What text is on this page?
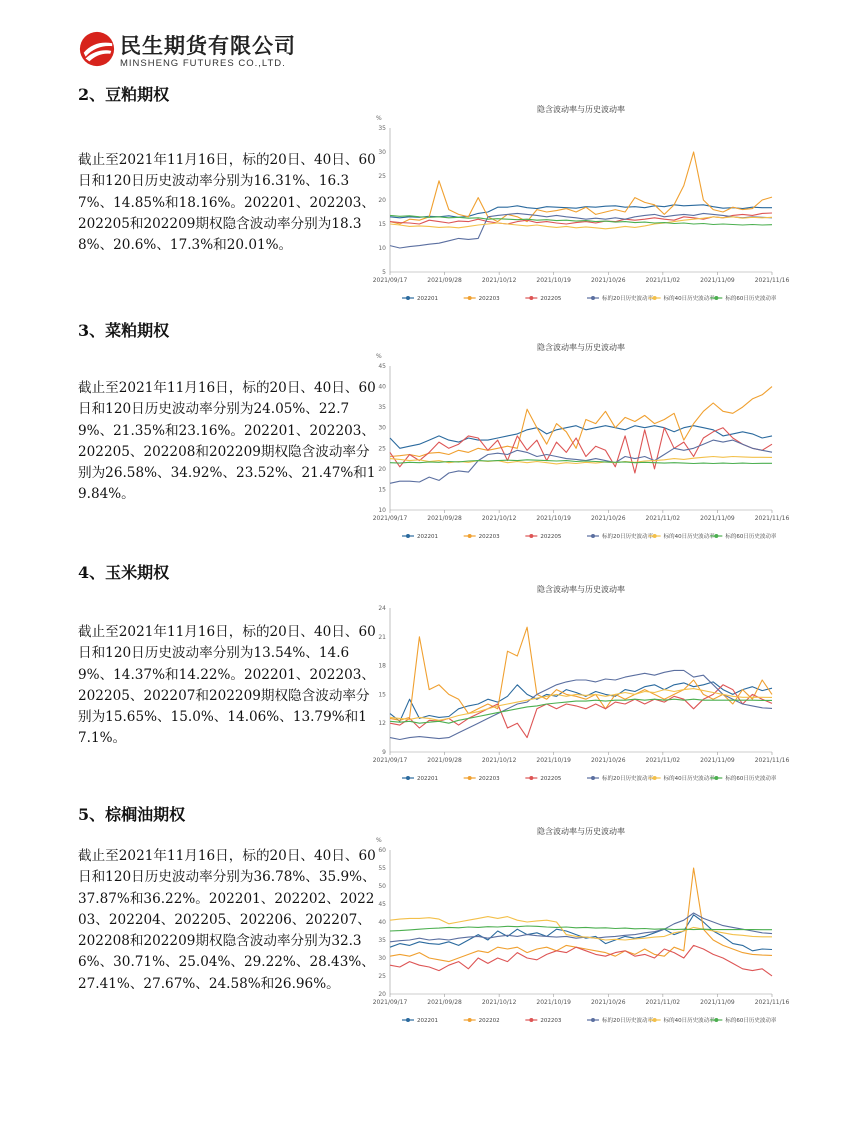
民生期货有限公司
MINSHENG FUTURES CO.,LTD.
2、豆粕期权
截止至2021年11月16日，标的20日、40日、60日和120日历史波动率分别为16.31%、16.37%、14.85%和18.16%。202201、202203、202205和202209期权隐含波动率分别为18.38%、20.6%、17.3%和20.01%。
隐含波动率与历史波动率
%
5
10
15
20
25
30
35
2021/09/17	2021/09/28	2021/10/12	2021/10/19	2021/10/26	2021/11/02	2021/11/09	2021/11/16
202201	202203	202205	标的20日历史波动率 标的40日历史波动率 标的60日历史波动率
3、菜粕期权
截止至2021年11月16日，标的20日、40日、60日和120日历史波动率分别为24.05%、22.79%、21.35%和23.16%。202201、202203、202205、202208和202209期权隐含波动率分别为26.58%、34.92%、23.52%、21.47%和19.84%。
隐含波动率与历史波动率
%
10
15
20
25
30
35
40
45
2021/09/17	2021/09/28	2021/10/12	2021/10/19	2021/10/26	2021/11/02	2021/11/09	2021/11/16
202201	202203	202205	标的20日历史波动率 标的40日历史波动率 标的60日历史波动率
4、玉米期权
截止至2021年11月16日，标的20日、40日、60日和120日历史波动率分别为13.54%、14.69%、14.37%和14.22%。202201、202203、202205、202207和202209期权隐含波动率分别为15.65%、15.0%、14.06%、13.79%和17.1%。
隐含波动率与历史波动率
9
12
15
18
21
24
2021/09/17	2021/09/28	2021/10/12	2021/10/19	2021/10/26	2021/11/02	2021/11/09	2021/11/16
202201	202203	202205	标的20日历史波动率 标的40日历史波动率 标的60日历史波动率
5、棕榈油期权
截止至2021年11月16日，标的20日、40日、60日和120日历史波动率分别为36.78%、35.9%、37.87%和36.22%。202201、202202、202203、202204、202205、202206、202207、202208和202209期权隐含波动率分别为32.36%、30.71%、25.04%、29.22%、28.43%、27.41%、27.67%、24.58%和26.96%。
隐含波动率与历史波动率
%
20
25
30
35
40
45
50
55
60
2021/09/17	2021/09/28	2021/10/12	2021/10/19	2021/10/26	2021/11/02	2021/11/09	2021/11/16
202201	202202	202203	标的20日历史波动率 标的40日历史波动率 标的60日历史波动率
